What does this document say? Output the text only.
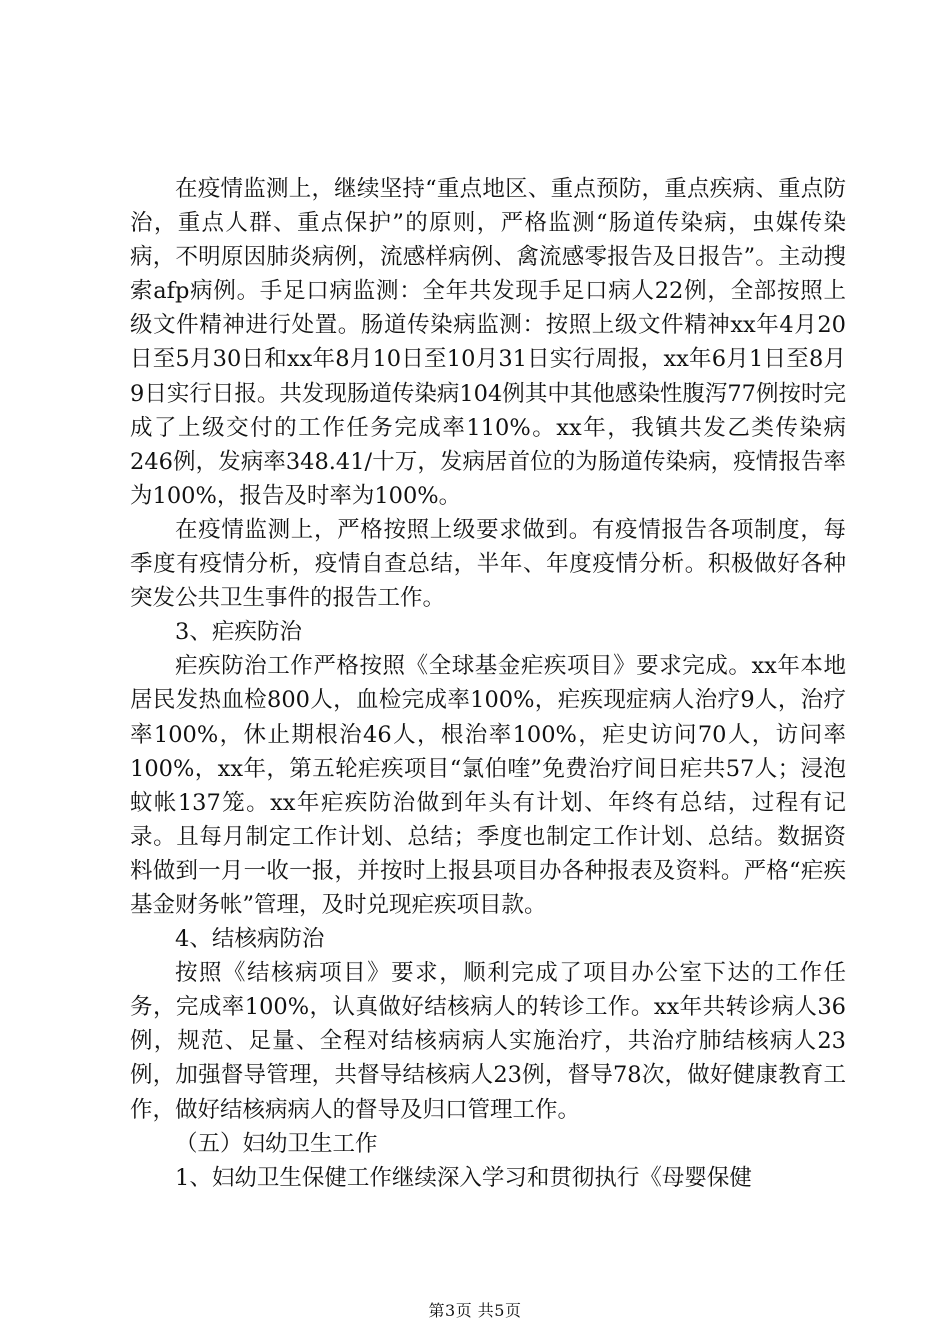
在疫情监测上，继续坚持“重点地区、重点预防，重点疾病、重点防治，重点人群、重点保护”的原则，严格监测“肠道传染病，虫媒传染病，不明原因肺炎病例，流感样病例、禽流感零报告及日报告”。主动搜索afp病例。手足口病监测：全年共发现手足口病人22例，全部按照上级文件精神进行处置。肠道传染病监测：按照上级文件精神xx年4月20日至5月30日和xx年8月10日至10月31日实行周报，xx年6月1日至8月9日实行日报。共发现肠道传染病104例其中其他感染性腹泻77例按时完成了上级交付的工作任务完成率110%。xx年，我镇共发乙类传染病246例，发病率348.41/十万，发病居首位的为肠道传染病，疫情报告率为100%，报告及时率为100%。

在疫情监测上，严格按照上级要求做到。有疫情报告各项制度，每季度有疫情分析，疫情自查总结，半年、年度疫情分析。积极做好各种突发公共卫生事件的报告工作。

3、疟疾防治

疟疾防治工作严格按照《全球基金疟疾项目》要求完成。xx年本地居民发热血检800人，血检完成率100%，疟疾现症病人治疗9人，治疗率100%，休止期根治46人，根治率100%，疟史访问70人，访问率100%，xx年，第五轮疟疾项目“氯伯喹”免费治疗间日疟共57人；浸泡蚊帐137笼。xx年疟疾防治做到年头有计划、年终有总结，过程有记录。且每月制定工作计划、总结；季度也制定工作计划、总结。数据资料做到一月一收一报，并按时上报县项目办各种报表及资料。严格“疟疾基金财务帐”管理，及时兑现疟疾项目款。

4、结核病防治

按照《结核病项目》要求，顺利完成了项目办公室下达的工作任务，完成率100%，认真做好结核病人的转诊工作。xx年共转诊病人36例，规范、足量、全程对结核病病人实施治疗，共治疗肺结核病人23例，加强督导管理，共督导结核病人23例，督导78次，做好健康教育工作，做好结核病病人的督导及归口管理工作。

（五）妇幼卫生工作

1、妇幼卫生保健工作继续深入学习和贯彻执行《母婴保健

第3页 共5页
